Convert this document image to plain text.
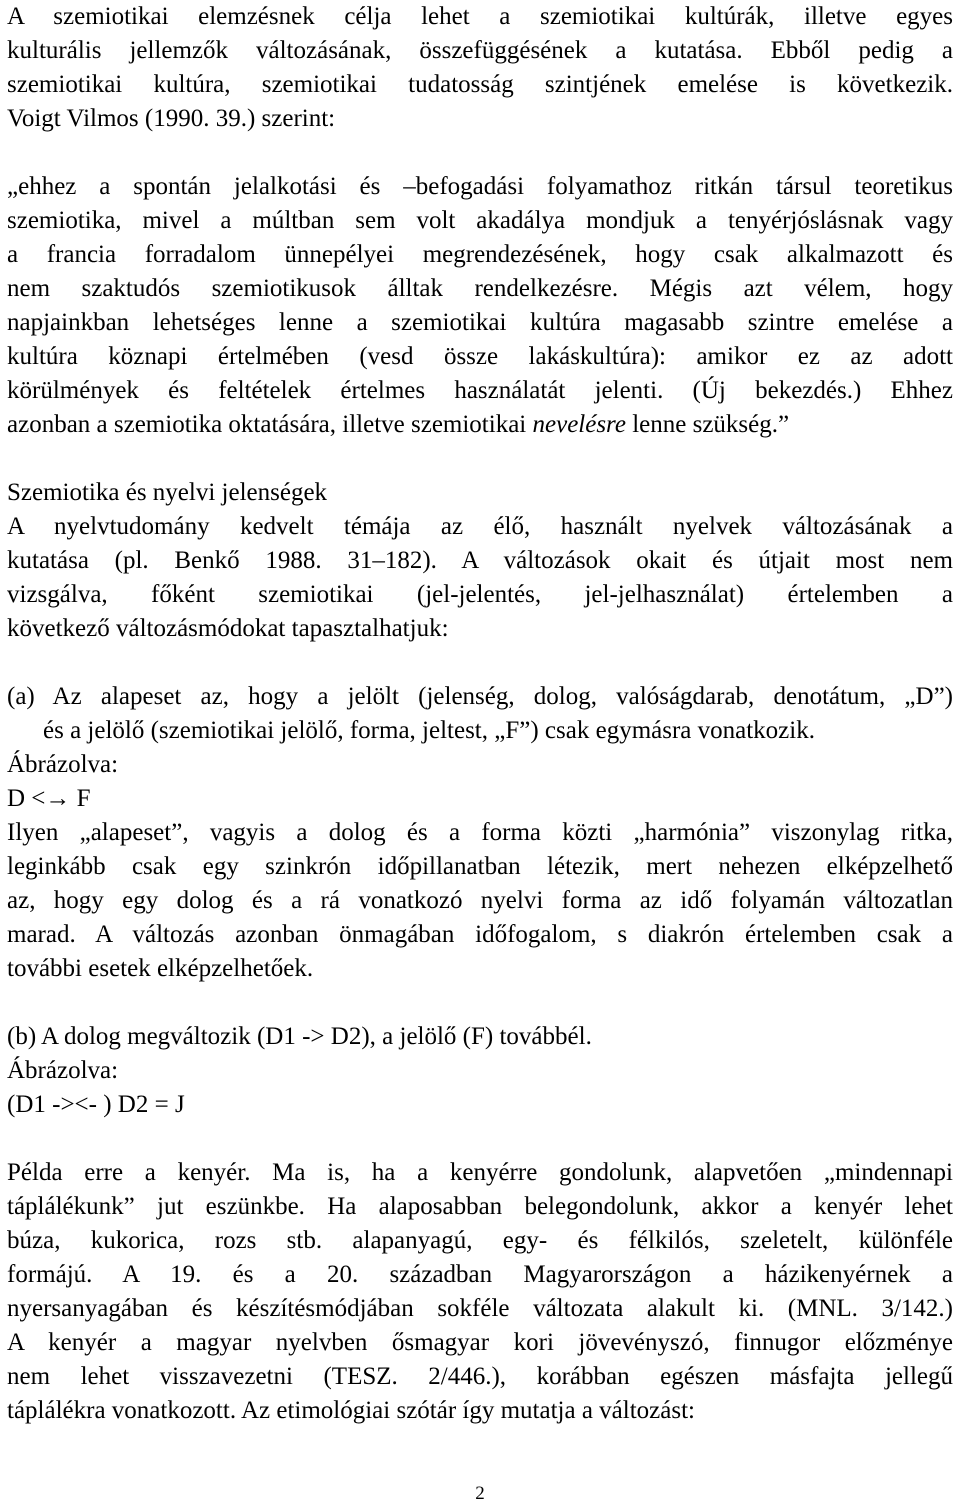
A szemiotikai elemzésnek célja lehet a szemiotikai kultúrák, illetve egyes

kulturális jellemzők változásának, összefüggésének a kutatása. Ebből pedig a

szemiotikai kultúra, szemiotikai tudatosság szintjének emelése is következik.

Voigt Vilmos (1990. 39.) szerint:

„ehhez a spontán jelalkotási és –befogadási folyamathoz ritkán társul teoretikus

szemiotika, mivel a múltban sem volt akadálya mondjuk a tenyérjóslásnak vagy

a francia forradalom ünnepélyei megrendezésének, hogy csak alkalmazott és

nem szaktudós szemiotikusok álltak rendelkezésre. Mégis azt vélem, hogy

napjainkban lehetséges lenne a szemiotikai kultúra magasabb szintre emelése a

kultúra köznapi értelmében (vesd össze lakáskultúra): amikor ez az adott

körülmények és feltételek értelmes használatát jelenti. (Új bekezdés.) Ehhez

azonban a szemiotika oktatására, illetve szemiotikai nevelésre lenne szükség.”

Szemiotika és nyelvi jelenségek

A nyelvtudomány kedvelt témája az élő, használt nyelvek változásának a

kutatása (pl. Benkő 1988. 31–182). A változások okait és útjait most nem

vizsgálva, főként szemiotikai (jel-jelentés, jel-jelhasználat) értelemben a

következő változásmódokat tapasztalhatjuk:

(a) Az alapeset az, hogy a jelölt (jelenség, dolog, valóságdarab, denotátum, „D”)

és a jelölő (szemiotikai jelölő, forma, jeltest, „F”) csak egymásra vonatkozik.

Ábrázolva:

D <→ F

Ilyen „alapeset”, vagyis a dolog és a forma közti „harmónia” viszonylag ritka,

leginkább csak egy szinkrón időpillanatban létezik, mert nehezen elképzelhető

az, hogy egy dolog és a rá vonatkozó nyelvi forma az idő folyamán változatlan

marad. A változás azonban önmagában időfogalom, s diakrón értelemben csak a

további esetek elképzelhetőek.

(b) A dolog megváltozik (D1 -> D2), a jelölő (F) továbbél.

Ábrázolva:

(D1 -><- ) D2 = J

Példa erre a kenyér. Ma is, ha a kenyérre gondolunk, alapvetően „mindennapi

táplálékunk” jut eszünkbe. Ha alaposabban belegondolunk, akkor a kenyér lehet

búza, kukorica, rozs stb. alapanyagú, egy- és félkilós, szeletelt, különféle

formájú. A 19. és a 20. században Magyarországon a házikenyérnek a

nyersanyagában és készítésmódjában sokféle változata alakult ki. (MNL. 3/142.)

A kenyér a magyar nyelvben ősmagyar kori jövevényszó, finnugor előzménye

nem lehet visszavezetni (TESZ. 2/446.), korábban egészen másfajta jellegű

táplálékra vonatkozott. Az etimológiai szótár így mutatja a változást:

2
